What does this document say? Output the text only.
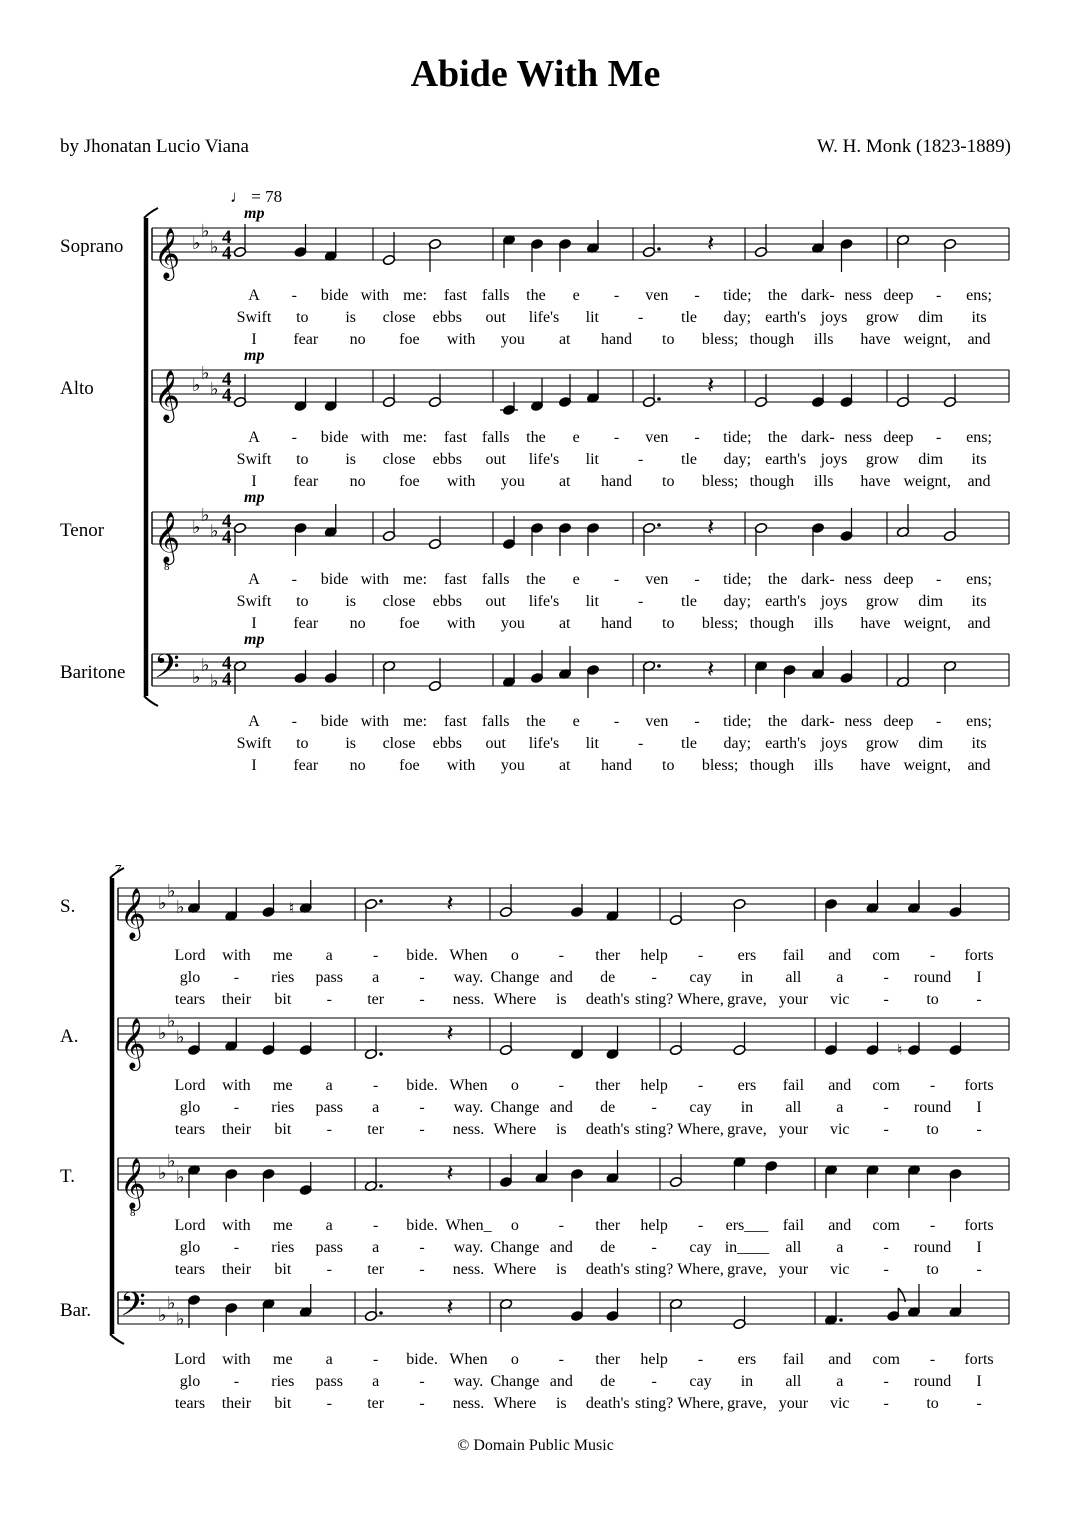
Abide With Me
by Jhonatan Lucio Viana	W. H. Monk (1823-1889)
Soprano 𝄞 ♭
♭
♭ 4
4
mp
𝄽
A - bide with me: fast falls the e - ven - tide; the dark- ness deep - ens;
Swift to is close ebbs out life's lit - tle day; earth's joys grow dim its
I fear no foe with you at hand to bless; though ills have weignt, and
Alto 𝄞 ♭
♭
♭ 4
4
mp
𝄽
A - bide with me: fast falls the e - ven - tide; the dark- ness deep - ens;
Swift to is close ebbs out life's lit - tle day; earth's joys grow dim its
I fear no foe with you at hand to bless; though ills have weignt, and
Tenor 𝄞
8
♭
♭
♭ 4
4
mp
𝄽
A - bide with me: fast falls the e - ven - tide; the dark- ness deep - ens;
Swift to is close ebbs out life's lit - tle day; earth's joys grow dim its
I fear no foe with you at hand to bless; though ills have weignt, and
Baritone 𝄢 ♭
♭
♭
4
4
mp
𝄽
A - bide with me: fast falls the e - ven - tide; the dark- ness deep - ens;
Swift to is close ebbs out life's lit - tle day; earth's joys grow dim its
I fear no foe with you at hand to bless; though ills have weignt, and
♩ = 78
7
S. 𝄞 ♭
♭
♭	♮	𝄽
Lord with me a	- bide. When o - ther help - ers fail and com - forts
glo - ries pass a	- way. Change and de - cay in all a	- round I
tears their bit - ter - ness. Where is death's sting? Where, grave, your vic - to -
A. 𝄞 ♭
♭
♭	𝄽
♮
Lord with me a	- bide. When o - ther help - ers fail and com - forts
glo - ries pass a	- way. Change and de - cay in all a	- round I
tears their bit - ter - ness. Where is death's sting? Where, grave, your vic - to -
T. 𝄞
8
♭
♭
♭	𝄽
Lord with me a	- bide. When_ o - ther help - ers___ fail and com - forts
glo - ries pass a	- way. Change and de - cay in____ all a	- round I
tears their bit - ter - ness. Where is death's sting? Where, grave, your vic - to -
Bar. 𝄢 ♭
♭
♭	𝄽
Lord with me a	- bide. When o - ther help - ers fail and com - forts
glo - ries pass a	- way. Change and de - cay in all a	- round I
tears their bit - ter - ness. Where is death's sting? Where, grave, your vic - to -
© Domain Public Music
